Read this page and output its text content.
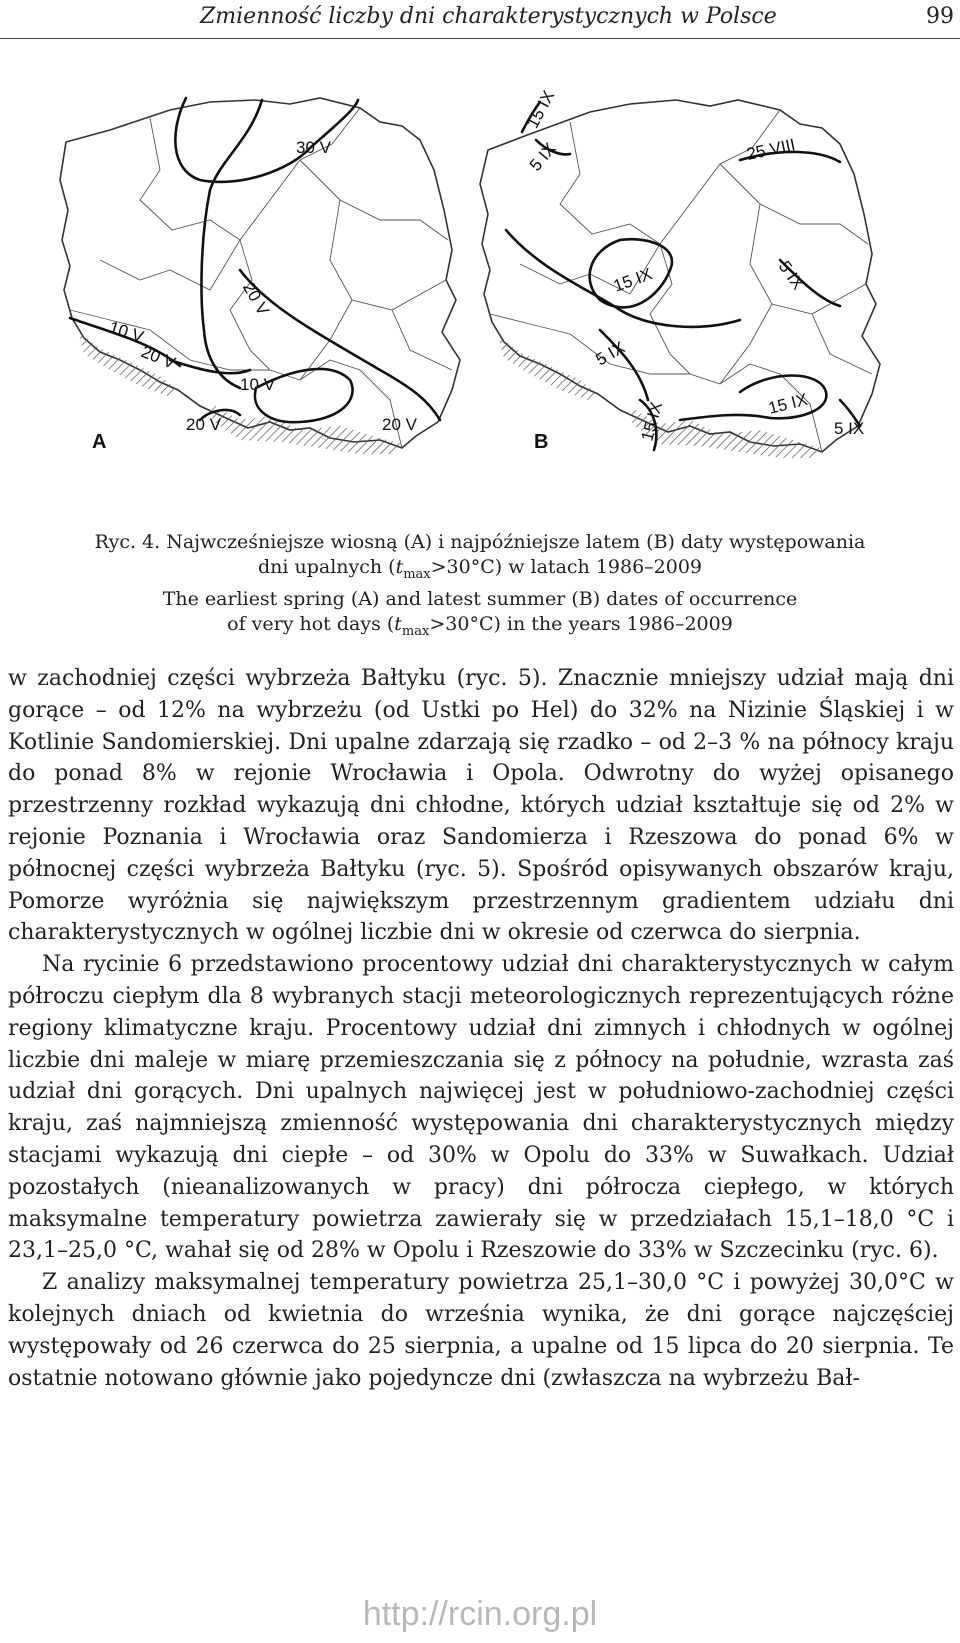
Zmienność liczby dni charakterystycznych w Polsce	99
30 V
20 V
10 V
20 V
10 V
20 V	20 V
A
15 IX
5 IX	25 VIII
15 IX	5 IX
5 IX
15 IX	15 IX
5 IX
B
Ryc. 4. Najwcześniejsze wiosną (A) i najpóźniejsze latem (B) daty występowania
dni upalnych $(t_{max}>30^\circ C)$ w latach 1986–2009
The earliest spring (A) and latest summer (B) dates of occurrence
of very hot days $(t_{max}>30^\circ C)$ in the years 1986–2009

w zachodniej części wybrzeża Bałtyku (ryc. 5). Znacznie mniejszy udział mają dni gorące – od 12% na wybrzeżu (od Ustki po Hel) do 32% na Nizinie Śląskiej i w Kotlinie Sandomierskiej. Dni upalne zdarzają się rzadko – od 2–3 % na północy kraju do ponad 8% w rejonie Wrocławia i Opola. Odwrotny do wyżej opisanego przestrzenny rozkład wykazują dni chłodne, których udział kształtuje się od 2% w rejonie Poznania i Wrocławia oraz Sandomierza i Rzeszowa do ponad 6% w północnej części wybrzeża Bałtyku (ryc. 5). Spośród opisywanych obszarów kraju, Pomorze wyróżnia się największym przestrzennym gradientem udziału dni charakterystycznych w ogólnej liczbie dni w okresie od czerwca do sierpnia.

Na rycinie 6 przedstawiono procentowy udział dni charakterystycznych w całym półroczu ciepłym dla 8 wybranych stacji meteorologicznych reprezentujących różne regiony klimatyczne kraju. Procentowy udział dni zimnych i chłodnych w ogólnej liczbie dni maleje w miarę przemieszczania się z północy na południe, wzrasta zaś udział dni gorących. Dni upalnych najwięcej jest w południowo-zachodniej części kraju, zaś najmniejszą zmienność występowania dni charakterystycznych między stacjami wykazują dni ciepłe – od 30% w Opolu do 33% w Suwałkach. Udział pozostałych (nieanalizowanych w pracy) dni półrocza ciepłego, w których maksymalne temperatury powietrza zawierały się w przedziałach 15,1–18,0 °C i 23,1–25,0 °C, wahał się od 28% w Opolu i Rzeszowie do 33% w Szczecinku (ryc. 6).

Z analizy maksymalnej temperatury powietrza 25,1–30,0 °C i powyżej 30,0°C w kolejnych dniach od kwietnia do września wynika, że dni gorące najczęściej występowały od 26 czerwca do 25 sierpnia, a upalne od 15 lipca do 20 sierpnia. Te ostatnie notowano głównie jako pojedyncze dni (zwłaszcza na wybrzeżu Bał-

http://rcin.org.pl
